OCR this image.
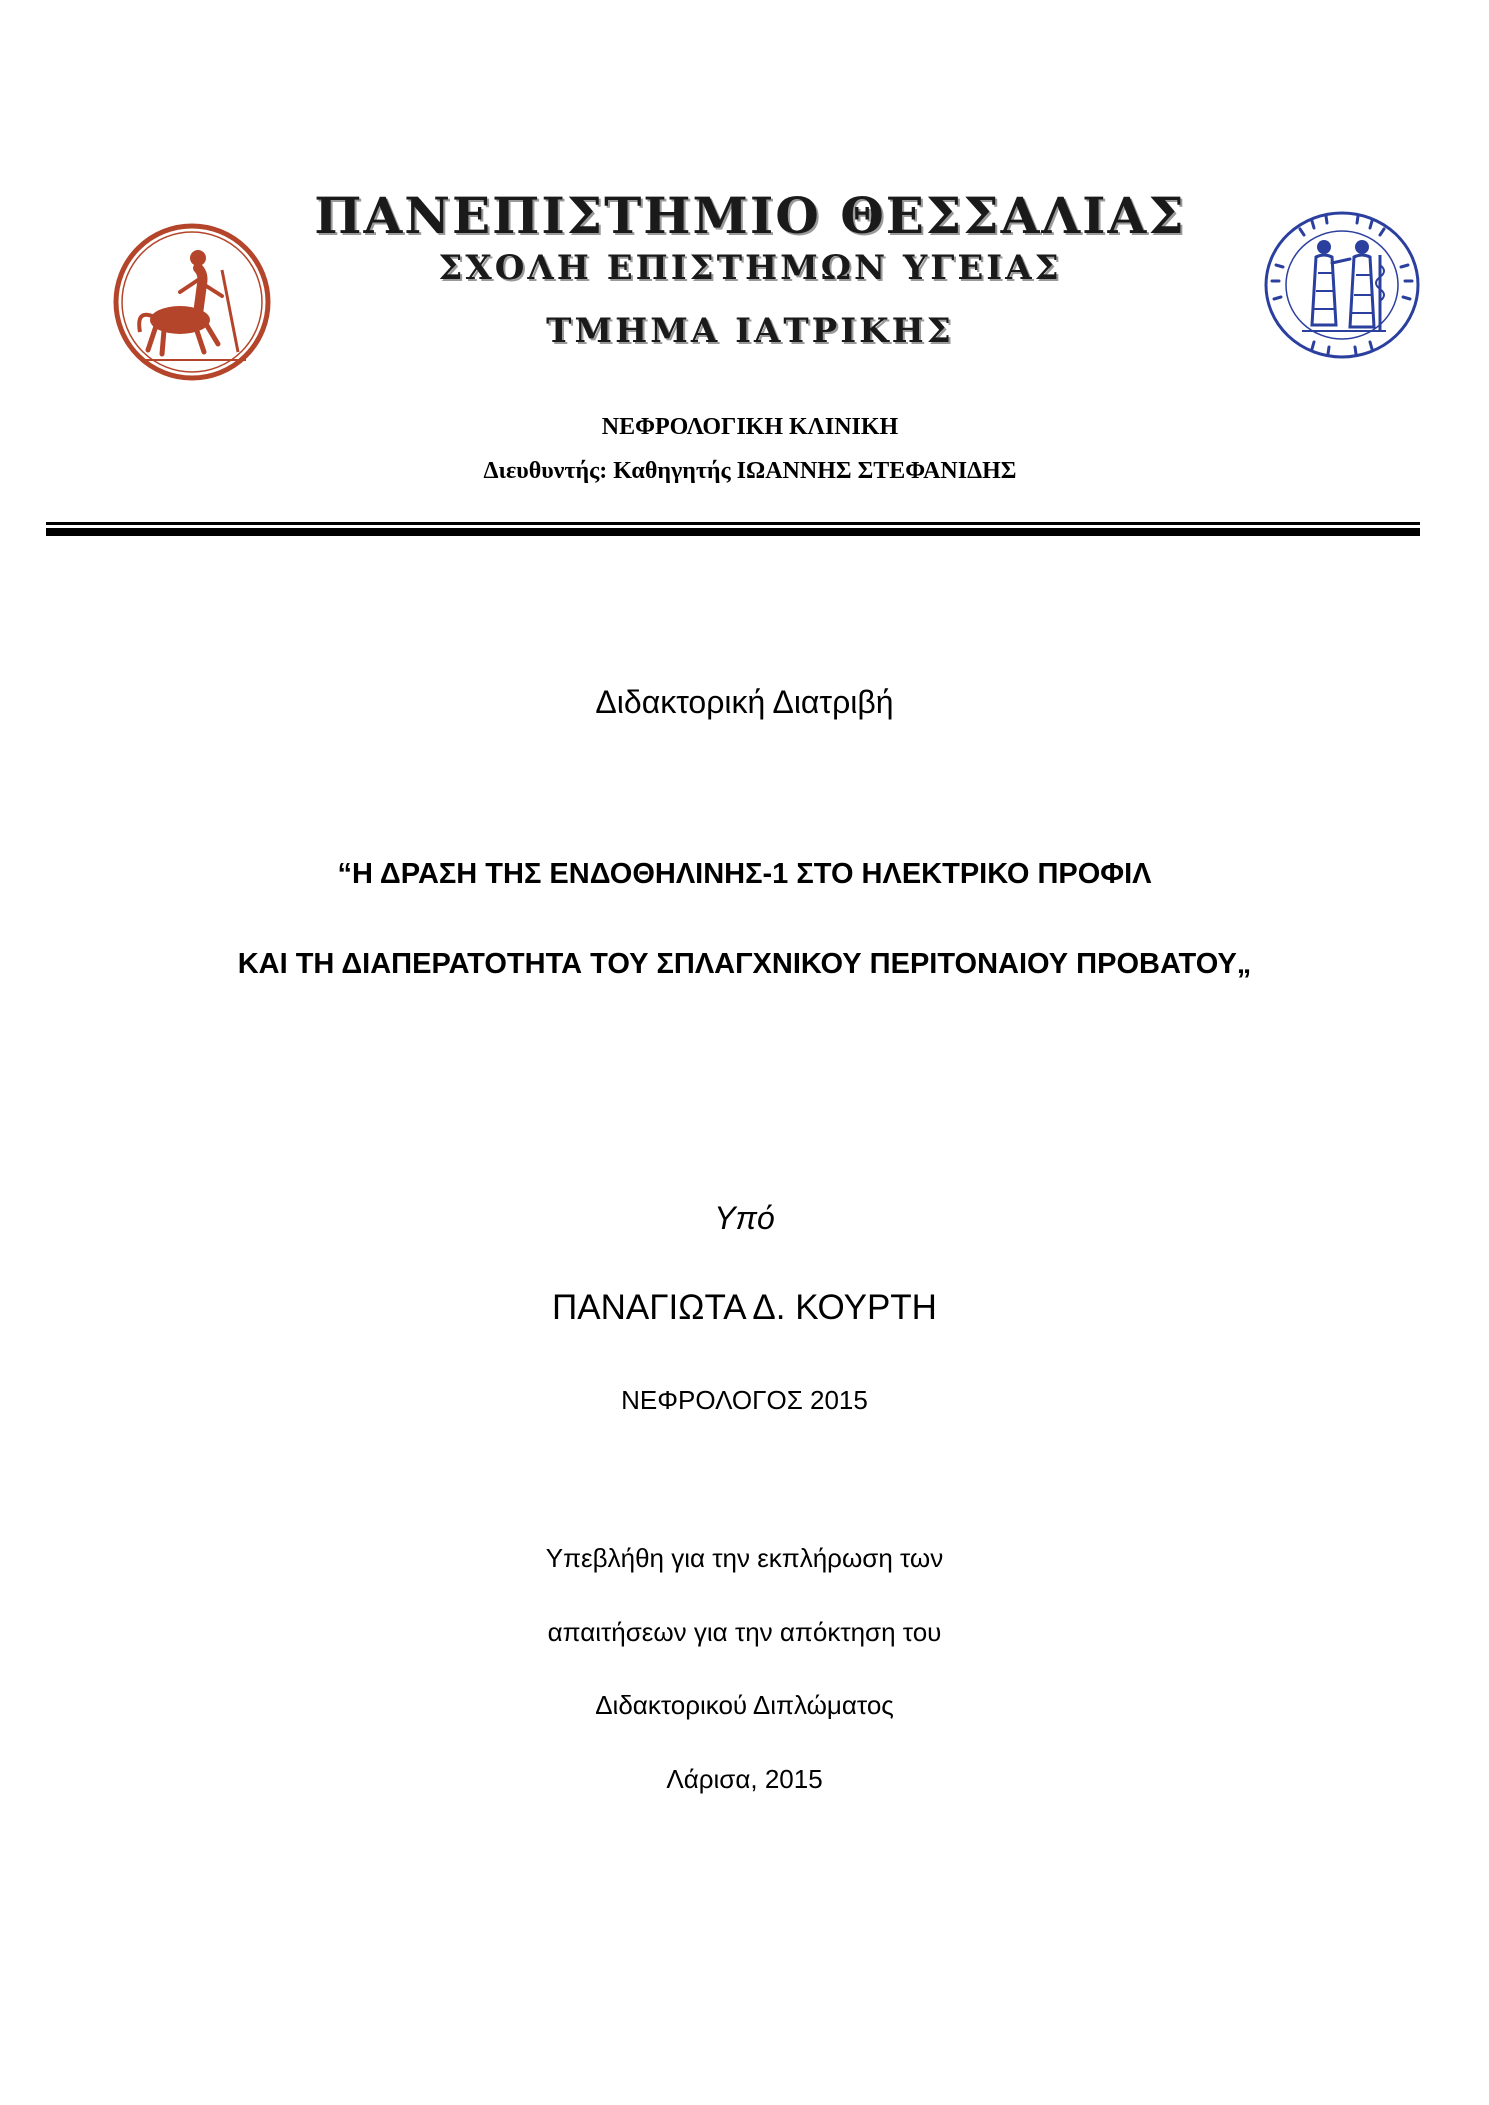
ΠΑΝΕΠΙΣΤΗΜΙΟ ΘΕΣΣΑΛΙΑΣ
ΣΧΟΛΗ ΕΠΙΣΤΗΜΩΝ ΥΓΕΙΑΣ
ΤΜΗΜΑ ΙΑΤΡΙΚΗΣ
ΝΕΦΡΟΛΟΓΙΚΗ ΚΛΙΝΙΚΗ
Διευθυντής: Καθηγητής ΙΩΑΝΝΗΣ ΣΤΕΦΑΝΙΔΗΣ
Διδακτορική Διατριβή
“Η ΔΡΑΣΗ ΤΗΣ ΕΝΔΟΘΗΛΙΝΗΣ-1 ΣΤΟ ΗΛΕΚΤΡΙΚΟ ΠΡΟΦΙΛ
ΚΑΙ ΤΗ ΔΙΑΠΕΡΑΤΟΤΗΤΑ ΤΟΥ ΣΠΛΑΓΧΝΙΚΟΥ ΠΕΡΙΤΟΝΑΙΟΥ ΠΡΟΒΑΤΟΥ„
Υπό
ΠΑΝΑΓΙΩΤΑ Δ. ΚΟΥΡΤΗ
ΝΕΦΡΟΛΟΓΟΣ 2015
Υπεβλήθη για την εκπλήρωση των
απαιτήσεων για την απόκτηση του
Διδακτορικού Διπλώματος
Λάρισα, 2015
